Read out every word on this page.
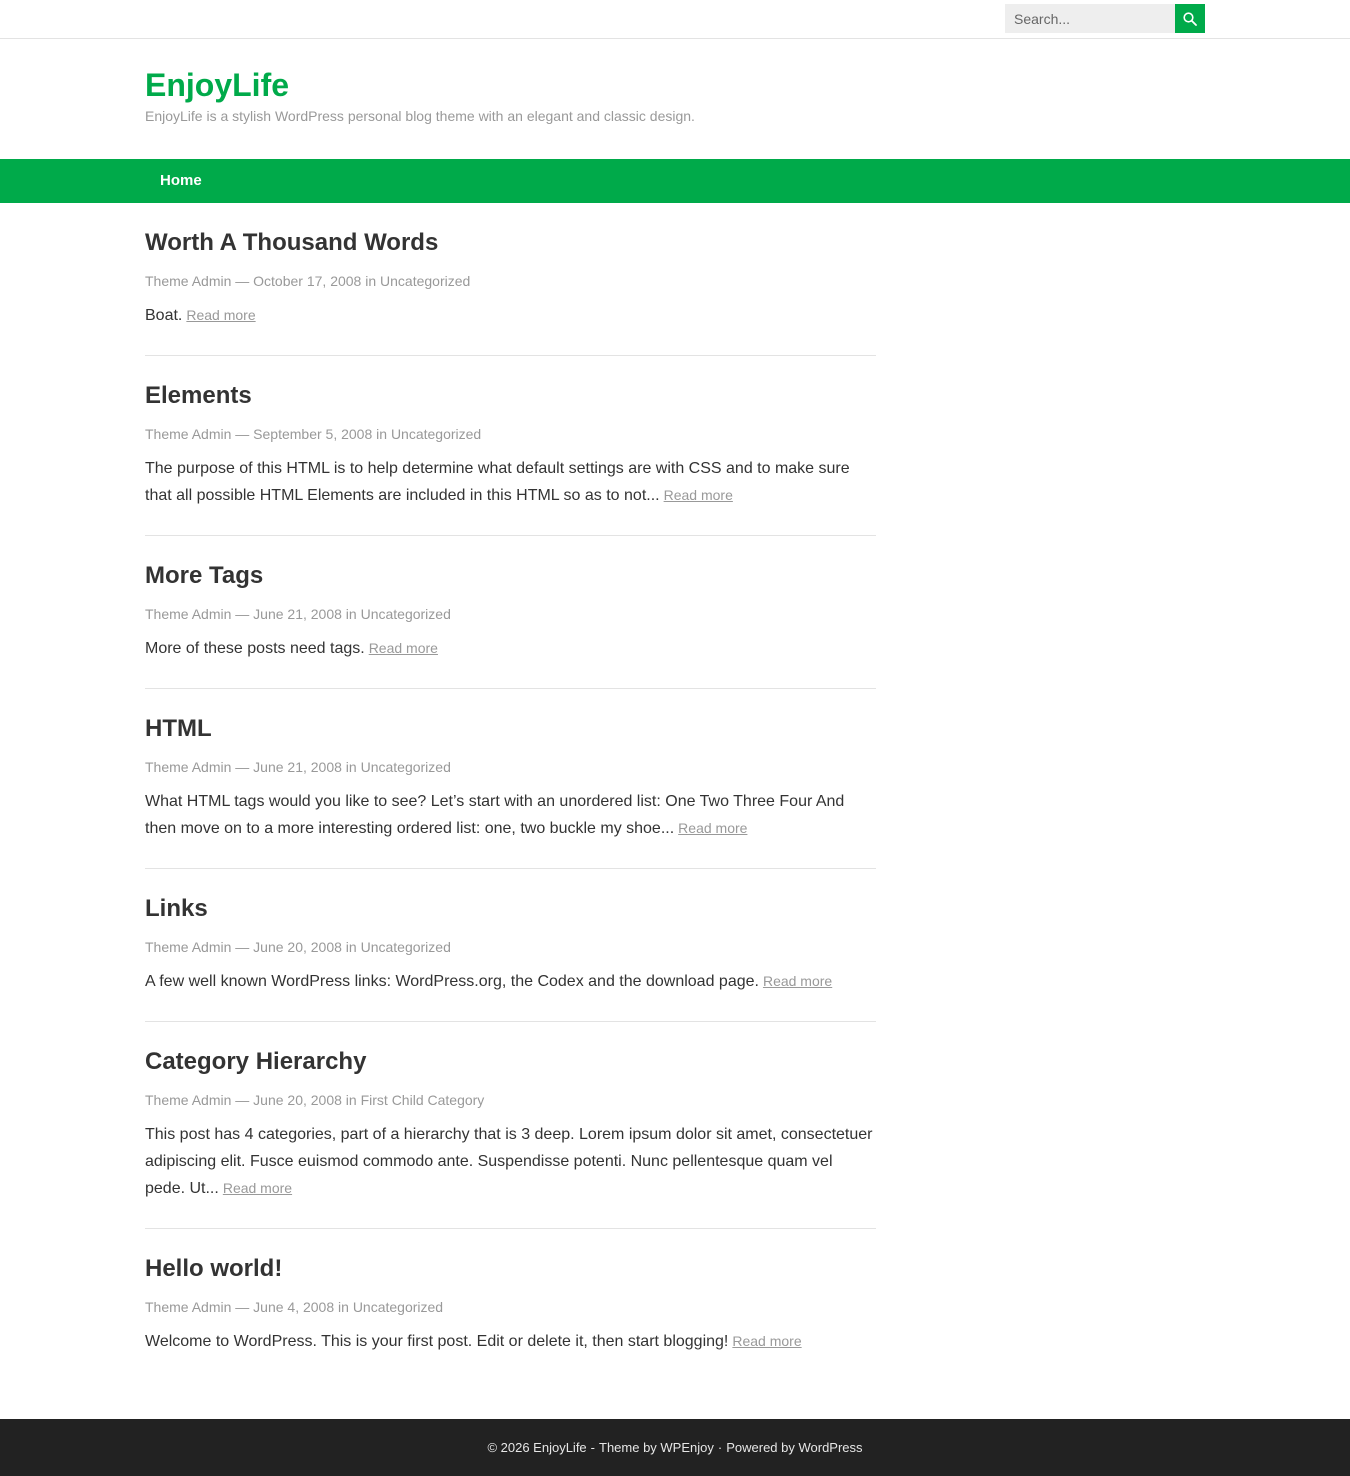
Search...
EnjoyLife
EnjoyLife is a stylish WordPress personal blog theme with an elegant and classic design.
Home
Worth A Thousand Words
Theme Admin — October 17, 2008 in Uncategorized

Boat. Read more

Elements
Theme Admin — September 5, 2008 in Uncategorized

The purpose of this HTML is to help determine what default settings are with CSS and to make sure that all possible HTML Elements are included in this HTML so as to not... Read more

More Tags
Theme Admin — June 21, 2008 in Uncategorized

More of these posts need tags. Read more

HTML
Theme Admin — June 21, 2008 in Uncategorized

What HTML tags would you like to see? Let’s start with an unordered list: One Two Three Four And then move on to a more interesting ordered list: one, two buckle my shoe... Read more

Links
Theme Admin — June 20, 2008 in Uncategorized

A few well known WordPress links: WordPress.org, the Codex and the download page. Read more

Category Hierarchy
Theme Admin — June 20, 2008 in First Child Category

This post has 4 categories, part of a hierarchy that is 3 deep. Lorem ipsum dolor sit amet, consectetuer adipiscing elit. Fusce euismod commodo ante. Suspendisse potenti. Nunc pellentesque quam vel pede. Ut... Read more

Hello world!
Theme Admin — June 4, 2008 in Uncategorized

Welcome to WordPress. This is your first post. Edit or delete it, then start blogging! Read more

© 2026 EnjoyLife - Theme by WPEnjoy · Powered by WordPress
